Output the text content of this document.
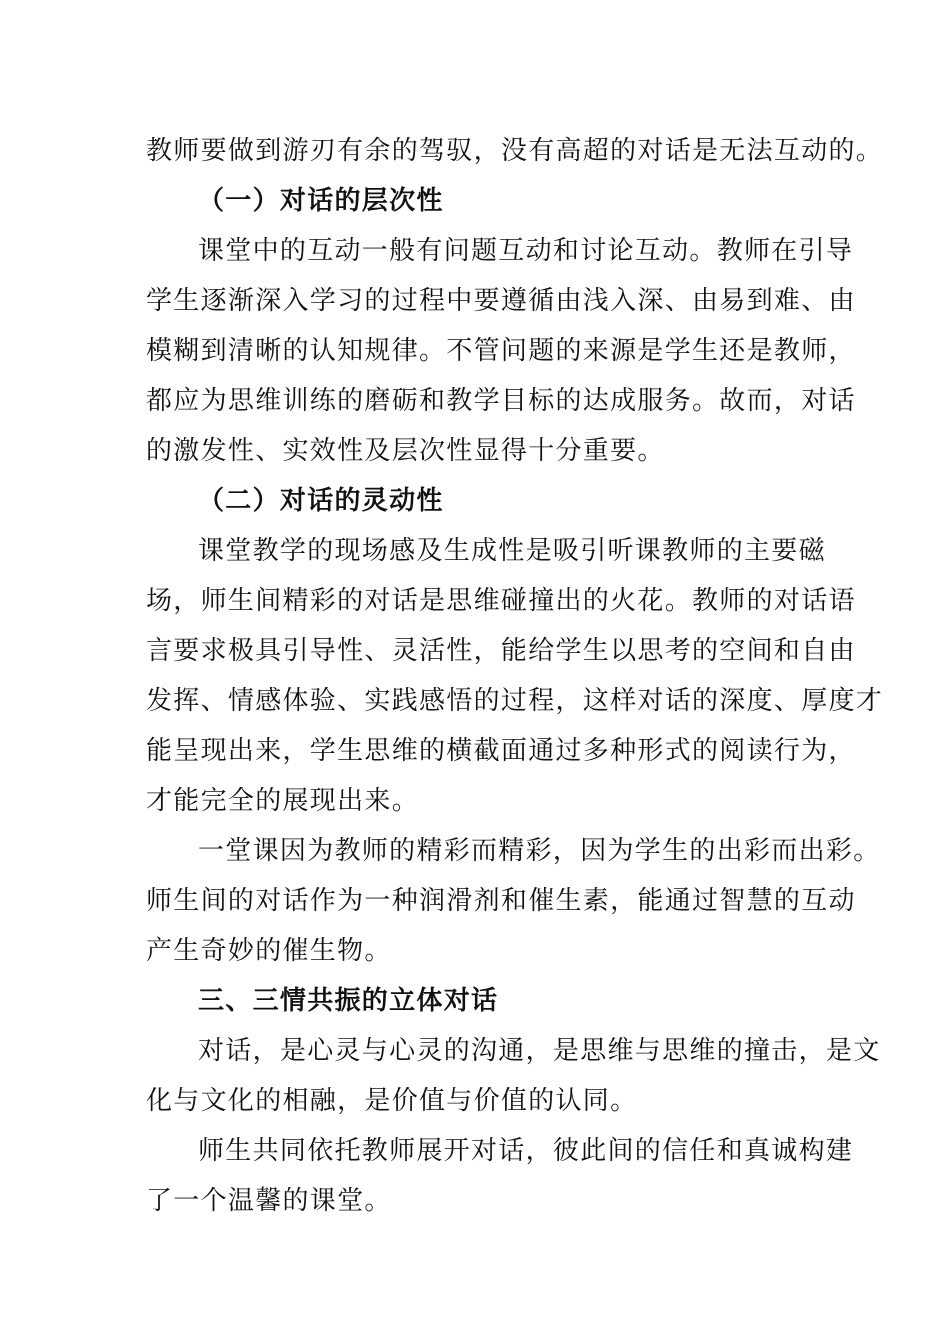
教师要做到游刃有余的驾驭，没有高超的对话是无法互动的。
（一）对话的层次性
课堂中的互动一般有问题互动和讨论互动。教师在引导
学生逐渐深入学习的过程中要遵循由浅入深、由易到难、由
模糊到清晰的认知规律。不管问题的来源是学生还是教师，
都应为思维训练的磨砺和教学目标的达成服务。故而，对话
的激发性、实效性及层次性显得十分重要。
（二）对话的灵动性
课堂教学的现场感及生成性是吸引听课教师的主要磁
场，师生间精彩的对话是思维碰撞出的火花。教师的对话语
言要求极具引导性、灵活性，能给学生以思考的空间和自由
发挥、情感体验、实践感悟的过程，这样对话的深度、厚度才
能呈现出来，学生思维的横截面通过多种形式的阅读行为，
才能完全的展现出来。
一堂课因为教师的精彩而精彩，因为学生的出彩而出彩。
师生间的对话作为一种润滑剂和催生素，能通过智慧的互动
产生奇妙的催生物。
三、三情共振的立体对话
对话，是心灵与心灵的沟通，是思维与思维的撞击，是文
化与文化的相融，是价值与价值的认同。
师生共同依托教师展开对话，彼此间的信任和真诚构建
了一个温馨的课堂。
